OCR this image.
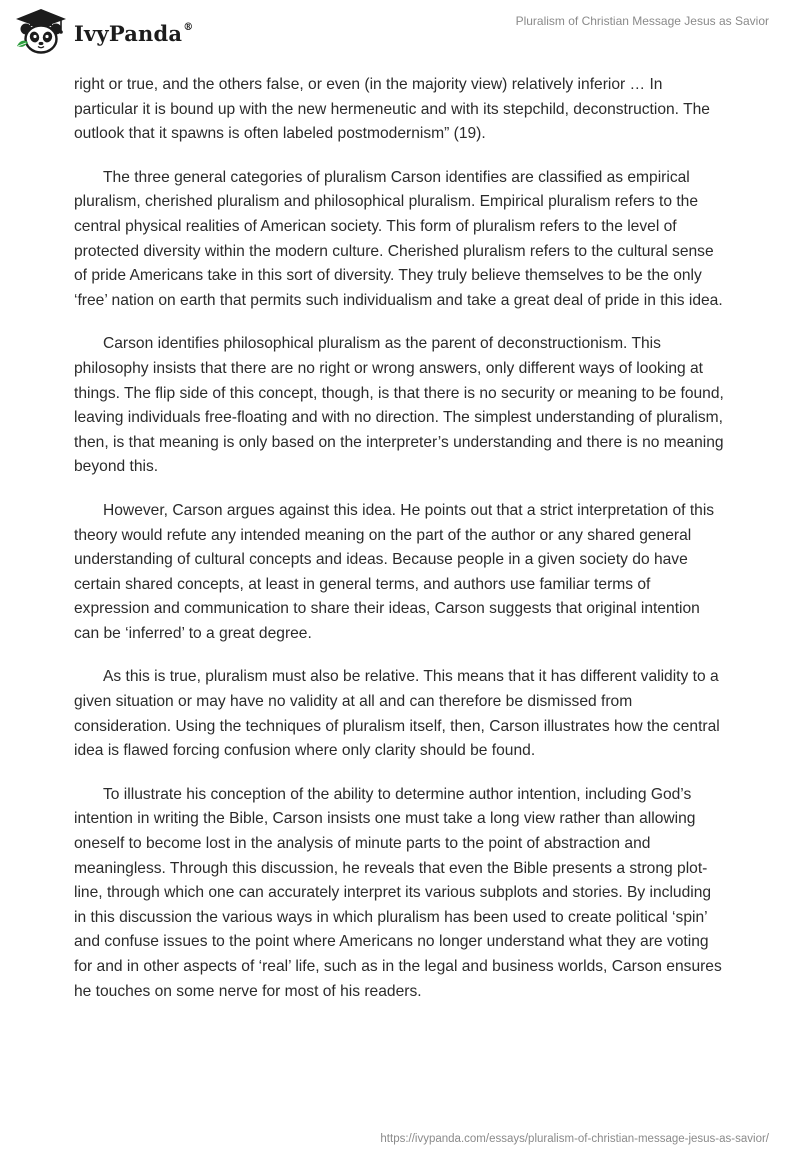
IvyPanda®	Pluralism of Christian Message Jesus as Savior

right or true, and the others false, or even (in the majority view) relatively inferior … In particular it is bound up with the new hermeneutic and with its stepchild, deconstruction. The outlook that it spawns is often labeled postmodernism” (19).

The three general categories of pluralism Carson identifies are classified as empirical pluralism, cherished pluralism and philosophical pluralism. Empirical pluralism refers to the central physical realities of American society. This form of pluralism refers to the level of protected diversity within the modern culture. Cherished pluralism refers to the cultural sense of pride Americans take in this sort of diversity. They truly believe themselves to be the only ‘free’ nation on earth that permits such individualism and take a great deal of pride in this idea.

Carson identifies philosophical pluralism as the parent of deconstructionism. This philosophy insists that there are no right or wrong answers, only different ways of looking at things. The flip side of this concept, though, is that there is no security or meaning to be found, leaving individuals free-floating and with no direction. The simplest understanding of pluralism, then, is that meaning is only based on the interpreter’s understanding and there is no meaning beyond this.

However, Carson argues against this idea. He points out that a strict interpretation of this theory would refute any intended meaning on the part of the author or any shared general understanding of cultural concepts and ideas. Because people in a given society do have certain shared concepts, at least in general terms, and authors use familiar terms of expression and communication to share their ideas, Carson suggests that original intention can be ‘inferred’ to a great degree.

As this is true, pluralism must also be relative. This means that it has different validity to a given situation or may have no validity at all and can therefore be dismissed from consideration. Using the techniques of pluralism itself, then, Carson illustrates how the central idea is flawed forcing confusion where only clarity should be found.

To illustrate his conception of the ability to determine author intention, including God’s intention in writing the Bible, Carson insists one must take a long view rather than allowing oneself to become lost in the analysis of minute parts to the point of abstraction and meaningless. Through this discussion, he reveals that even the Bible presents a strong plot-line, through which one can accurately interpret its various subplots and stories. By including in this discussion the various ways in which pluralism has been used to create political ‘spin’ and confuse issues to the point where Americans no longer understand what they are voting for and in other aspects of ‘real’ life, such as in the legal and business worlds, Carson ensures he touches on some nerve for most of his readers.

https://ivypanda.com/essays/pluralism-of-christian-message-jesus-as-savior/
